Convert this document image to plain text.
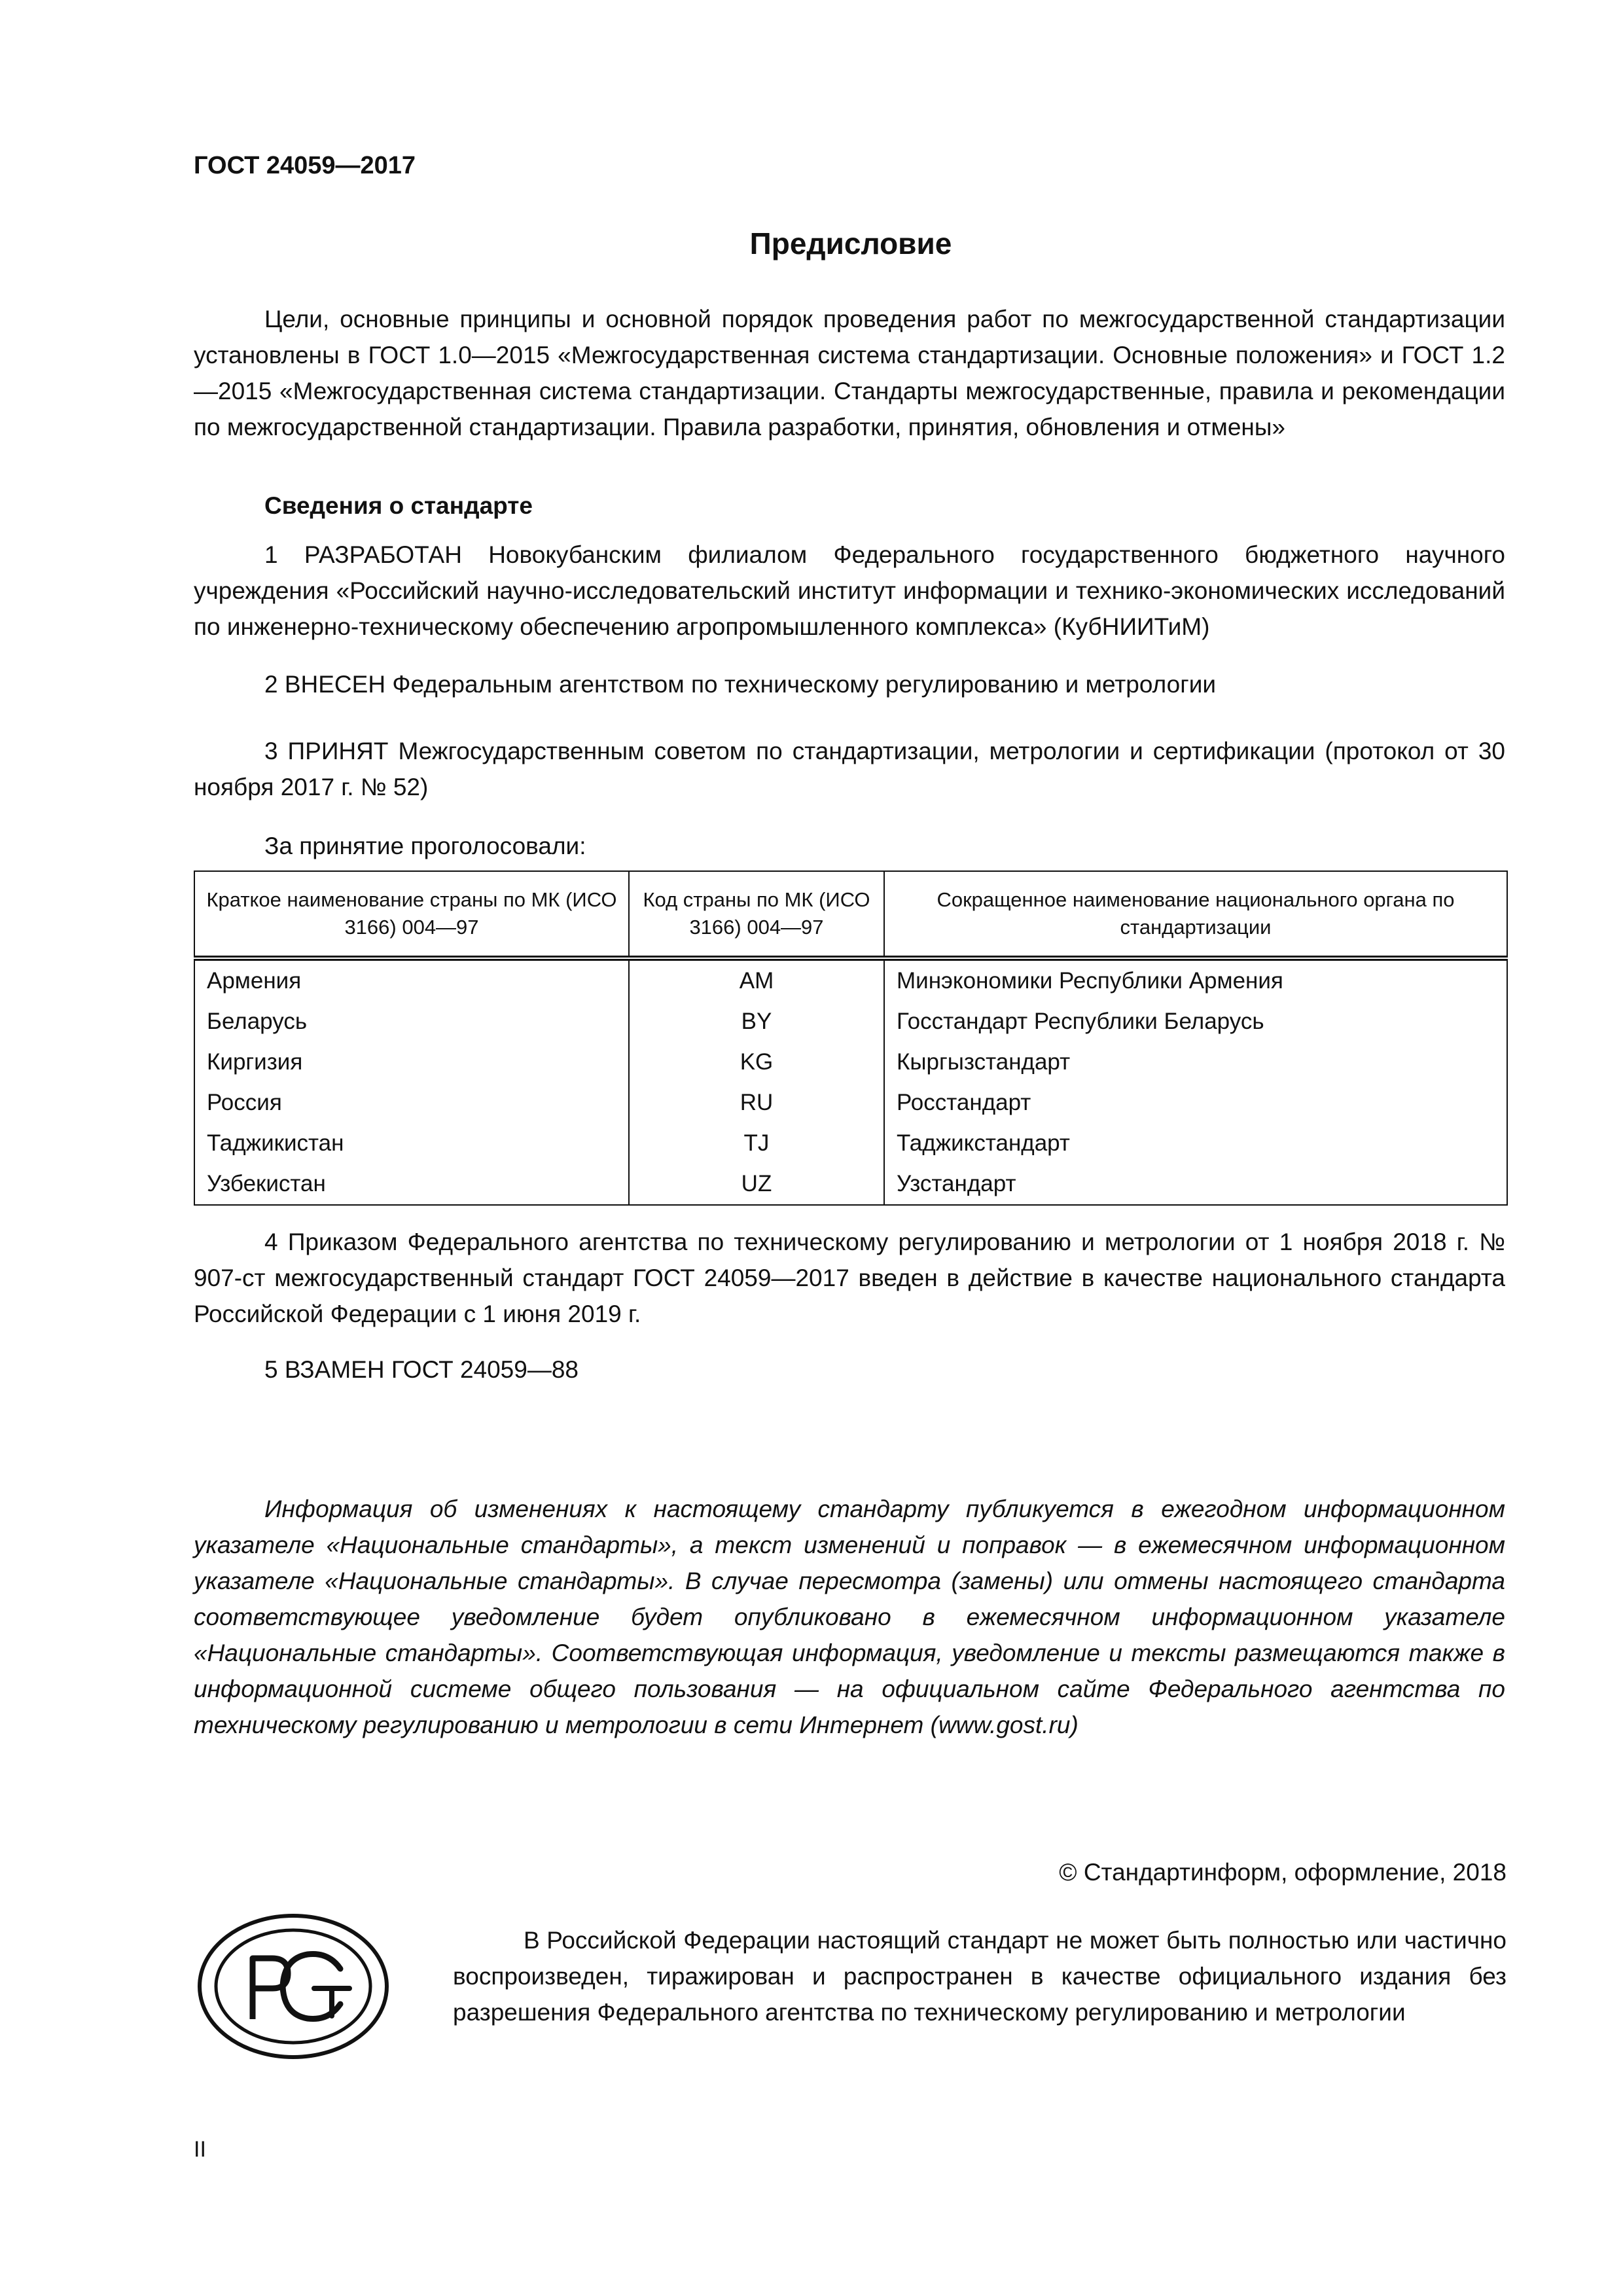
ГОСТ 24059—2017
Предисловие

Цели, основные принципы и основной порядок проведения работ по межгосударственной стандартизации установлены в ГОСТ 1.0—2015 «Межгосударственная система стандартизации. Основные положения» и ГОСТ 1.2—2015 «Межгосударственная система стандартизации. Стандарты межгосударственные, правила и рекомендации по межгосударственной стандартизации. Правила разработки, принятия, обновления и отмены»

Сведения о стандарте

1 РАЗРАБОТАН Новокубанским филиалом Федерального государственного бюджетного научного учреждения «Российский научно-исследовательский институт информации и технико-экономических исследований по инженерно-техническому обеспечению агропромышленного комплекса» (КубНИИТиМ)

2 ВНЕСЕН Федеральным агентством по техническому регулированию и метрологии

3 ПРИНЯТ Межгосударственным советом по стандартизации, метрологии и сертификации (протокол от 30 ноября 2017 г. № 52)

За принятие проголосовали:
Краткое наименование страны по МК (ИСО 3166) 004—97	Код страны по МК (ИСО 3166) 004—97	Сокращенное наименование национального органа по стандартизации
Армения	AM	Минэкономики Республики Армения
Беларусь	BY	Госстандарт Республики Беларусь
Киргизия	KG	Кыргызстандарт
Россия	RU	Росстандарт
Таджикистан	TJ	Таджикстандарт
Узбекистан	UZ	Узстандарт

4 Приказом Федерального агентства по техническому регулированию и метрологии от 1 ноября 2018 г. № 907-ст межгосударственный стандарт ГОСТ 24059—2017 введен в действие в качестве национального стандарта Российской Федерации с 1 июня 2019 г.

5 ВЗАМЕН ГОСТ 24059—88

Информация об изменениях к настоящему стандарту публикуется в ежегодном информационном указателе «Национальные стандарты», а текст изменений и поправок — в ежемесячном информационном указателе «Национальные стандарты». В случае пересмотра (замены) или отмены настоящего стандарта соответствующее уведомление будет опубликовано в ежемесячном информационном указателе «Национальные стандарты». Соответствующая информация, уведомление и тексты размещаются также в информационной системе общего пользования — на официальном сайте Федерального агентства по техническому регулированию и метрологии в сети Интернет (www.gost.ru)

© Стандартинформ, оформление, 2018

В Российской Федерации настоящий стандарт не может быть полностью или частично воспроизведен, тиражирован и распространен в качестве официального издания без разрешения Федерального агентства по техническому регулированию и метрологии

II
